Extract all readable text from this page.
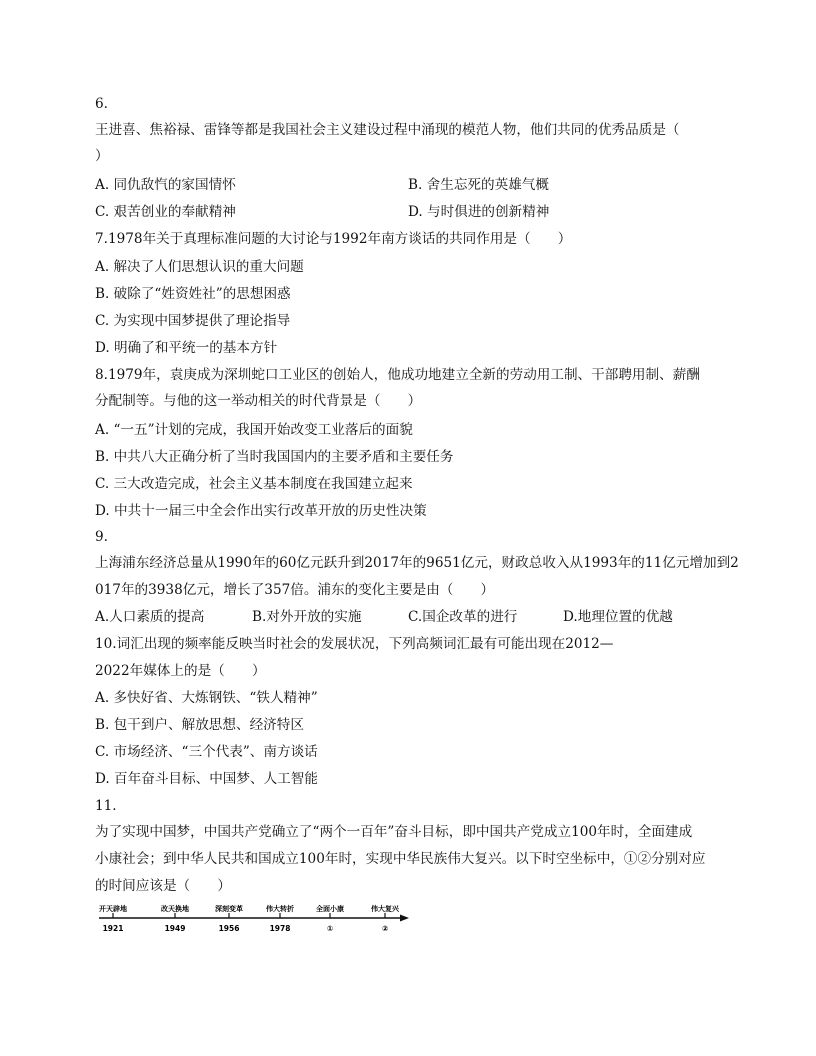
6.
王进喜、焦裕禄、雷锋等都是我国社会主义建设过程中涌现的模范人物，他们共同的优秀品质是（
）
A. 同仇敌忾的家国情怀	B. 舍生忘死的英雄气概
C. 艰苦创业的奉献精神	D. 与时俱进的创新精神
7.1978年关于真理标准问题的大讨论与1992年南方谈话的共同作用是（　　）
A. 解决了人们思想认识的重大问题
B. 破除了“姓资姓社”的思想困惑
C. 为实现中国梦提供了理论指导
D. 明确了和平统一的基本方针
8.1979年，袁庚成为深圳蛇口工业区的创始人，他成功地建立全新的劳动用工制、干部聘用制、薪酬
分配制等。与他的这一举动相关的时代背景是（　　）
A. “一五”计划的完成，我国开始改变工业落后的面貌
B. 中共八大正确分析了当时我国国内的主要矛盾和主要任务
C. 三大改造完成，社会主义基本制度在我国建立起来
D. 中共十一届三中全会作出实行改革开放的历史性决策
9.
上海浦东经济总量从1990年的60亿元跃升到2017年的9651亿元，财政总收入从1993年的11亿元增加到2
017年的3938亿元，增长了357倍。浦东的变化主要是由（　　）
A.人口素质的提高	B.对外开放的实施	C.国企改革的进行	D.地理位置的优越
10.词汇出现的频率能反映当时社会的发展状况，下列高频词汇最有可能出现在2012—
2022年媒体上的是（　　）
A. 多快好省、大炼钢铁、“铁人精神”
B. 包干到户、解放思想、经济特区
C. 市场经济、“三个代表”、南方谈话
D. 百年奋斗目标、中国梦、人工智能
11.
为了实现中国梦，中国共产党确立了“两个一百年”奋斗目标，即中国共产党成立100年时，全面建成
小康社会；到中华人民共和国成立100年时，实现中华民族伟大复兴。以下时空坐标中，①②分别对应
的时间应该是（　　）
开天辟地
1921
改天换地
1949
深刻变革
1956
伟大转折
1978
全面小康
①
伟大复兴
②
